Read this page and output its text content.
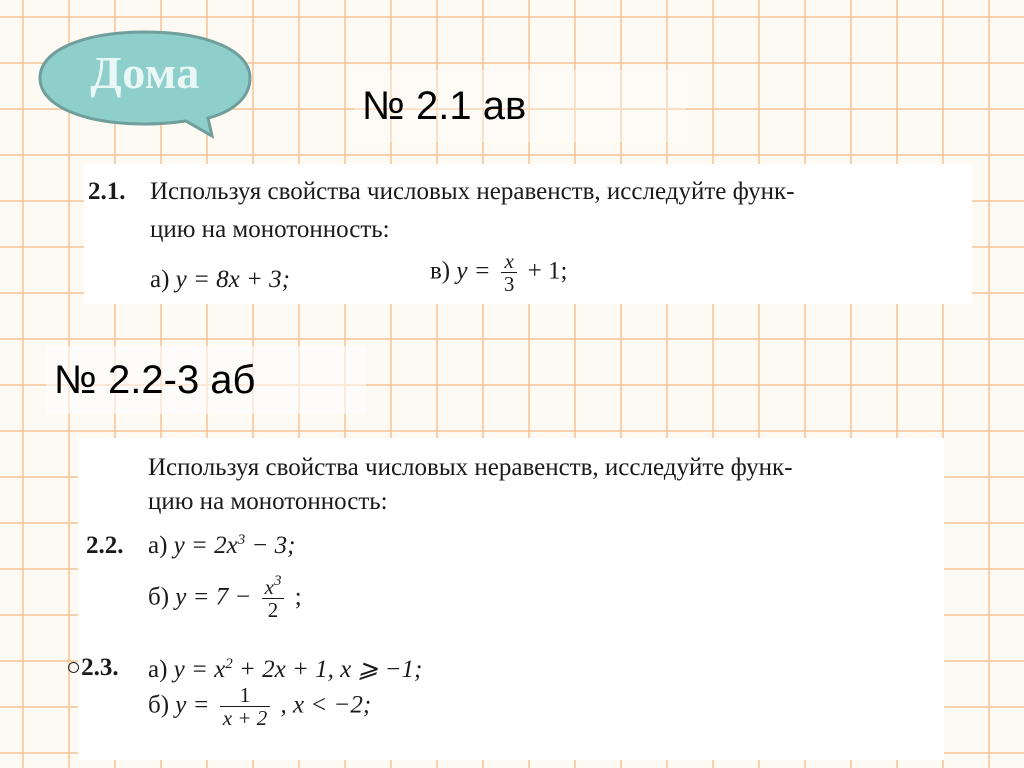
Дома
№ 2.1 ав
2.1. Используя свойства числовых неравенств, исследуйте функ-
цию на монотонность:
а) y = 8x + 3;	в) $y = \frac{x}{3} + 1$;
№ 2.2-3 аб
Используя свойства числовых неравенств, исследуйте функ-
цию на монотонность:
2.2. а) $y = 2x^3 - 3$;
б) $y = 7 - \frac{x^3}{2}$ ;
○2.3. а) $y = x^2 + 2x + 1$, x ⩾ −1;
б) $y = \frac{1}{x + 2}$ , x < −2;
